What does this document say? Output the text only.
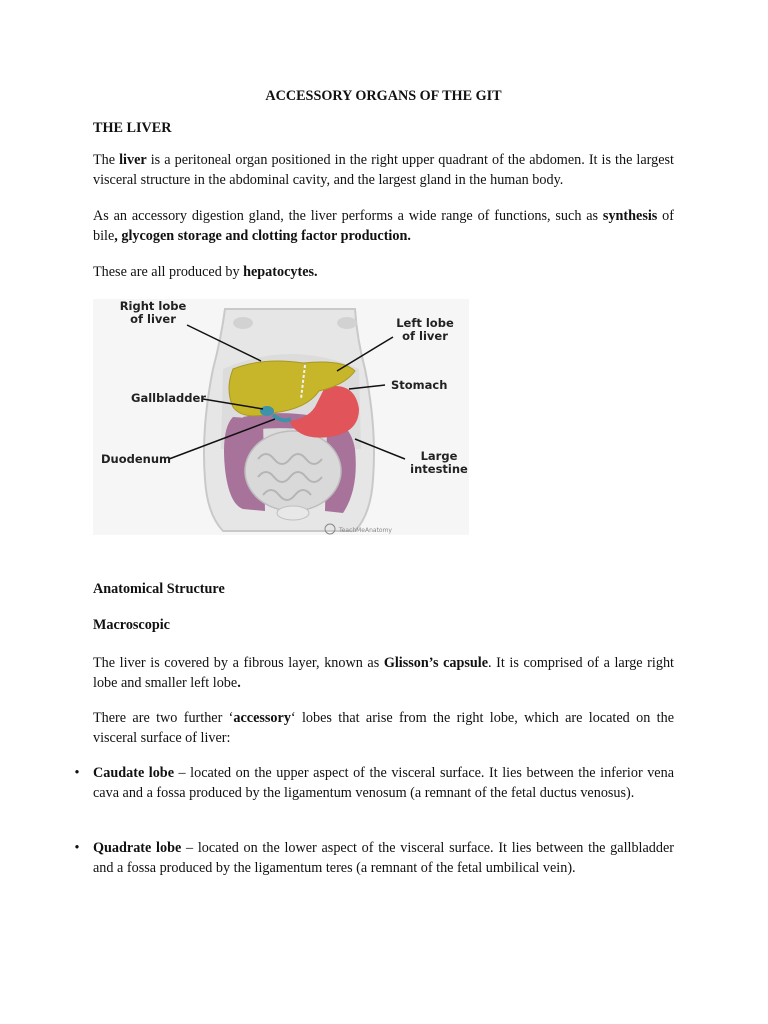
ACCESSORY ORGANS OF THE GIT
THE LIVER
The liver is a peritoneal organ positioned in the right upper quadrant of the abdomen. It is the largest visceral structure in the abdominal cavity, and the largest gland in the human body.
As an accessory digestion gland, the liver performs a wide range of functions, such as synthesis of bile, glycogen storage and clotting factor production.
These are all produced by hepatocytes.
Right lobe
of liver	Left lobe
of liver
Stomach
Gallbladder
Duodenum	Large
intestine
TeachMeAnatomy
Anatomical Structure
Macroscopic
The liver is covered by a fibrous layer, known as Glisson’s capsule. It is comprised of a large right lobe and smaller left lobe.
There are two further ‘accessory‘ lobes that arise from the right lobe, which are located on the visceral surface of liver:
• Caudate lobe – located on the upper aspect of the visceral surface. It lies between the inferior vena cava and a fossa produced by the ligamentum venosum (a remnant of the fetal ductus venosus).
• Quadrate lobe – located on the lower aspect of the visceral surface. It lies between the gallbladder and a fossa produced by the ligamentum teres (a remnant of the fetal umbilical vein).
